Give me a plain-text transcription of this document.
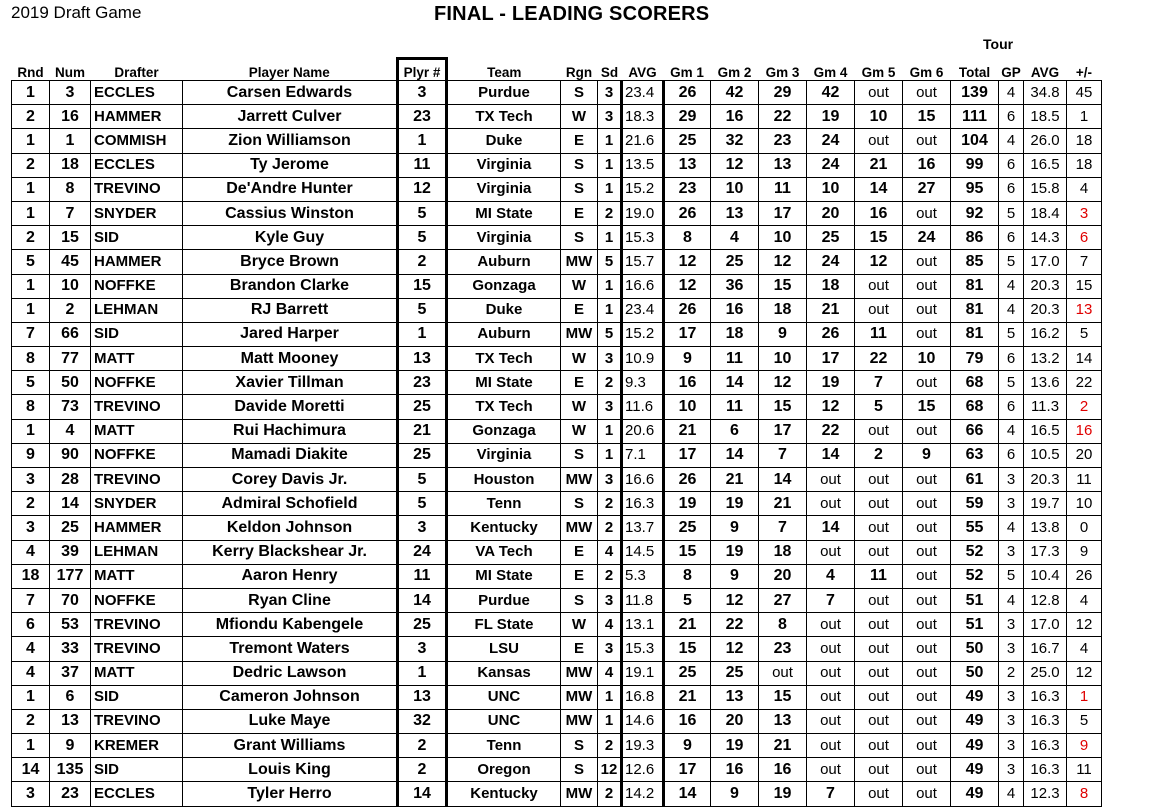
2019 Draft Game	FINAL - LEADING SCORERS
Tour
Rnd	Num	Drafter	Player Name	Plyr #	Team	Rgn	Sd	AVG	Gm 1	Gm 2	Gm 3	Gm 4	Gm 5	Gm 6	Total	GP	AVG	+/-
1	3	ECCLES	Carsen Edwards	3	Purdue	S	3	23.4	26	42	29	42	out	out	139	4	34.8	45
2	16	HAMMER	Jarrett Culver	23	TX Tech	W	3	18.3	29	16	22	19	10	15	111	6	18.5	1
1	1	COMMISH	Zion Williamson	1	Duke	E	1	21.6	25	32	23	24	out	out	104	4	26.0	18
2	18	ECCLES	Ty Jerome	11	Virginia	S	1	13.5	13	12	13	24	21	16	99	6	16.5	18
1	8	TREVINO	De'Andre Hunter	12	Virginia	S	1	15.2	23	10	11	10	14	27	95	6	15.8	4
1	7	SNYDER	Cassius Winston	5	MI State	E	2	19.0	26	13	17	20	16	out	92	5	18.4	3
2	15	SID	Kyle Guy	5	Virginia	S	1	15.3	8	4	10	25	15	24	86	6	14.3	6
5	45	HAMMER	Bryce Brown	2	Auburn	MW	5	15.7	12	25	12	24	12	out	85	5	17.0	7
1	10	NOFFKE	Brandon Clarke	15	Gonzaga	W	1	16.6	12	36	15	18	out	out	81	4	20.3	15
1	2	LEHMAN	RJ Barrett	5	Duke	E	1	23.4	26	16	18	21	out	out	81	4	20.3	13
7	66	SID	Jared Harper	1	Auburn	MW	5	15.2	17	18	9	26	11	out	81	5	16.2	5
8	77	MATT	Matt Mooney	13	TX Tech	W	3	10.9	9	11	10	17	22	10	79	6	13.2	14
5	50	NOFFKE	Xavier Tillman	23	MI State	E	2	9.3	16	14	12	19	7	out	68	5	13.6	22
8	73	TREVINO	Davide Moretti	25	TX Tech	W	3	11.6	10	11	15	12	5	15	68	6	11.3	2
1	4	MATT	Rui Hachimura	21	Gonzaga	W	1	20.6	21	6	17	22	out	out	66	4	16.5	16
9	90	NOFFKE	Mamadi Diakite	25	Virginia	S	1	7.1	17	14	7	14	2	9	63	6	10.5	20
3	28	TREVINO	Corey Davis Jr.	5	Houston	MW	3	16.6	26	21	14	out	out	out	61	3	20.3	11
2	14	SNYDER	Admiral Schofield	5	Tenn	S	2	16.3	19	19	21	out	out	out	59	3	19.7	10
3	25	HAMMER	Keldon Johnson	3	Kentucky	MW	2	13.7	25	9	7	14	out	out	55	4	13.8	0
4	39	LEHMAN	Kerry Blackshear Jr.	24	VA Tech	E	4	14.5	15	19	18	out	out	out	52	3	17.3	9
18	177	MATT	Aaron Henry	11	MI State	E	2	5.3	8	9	20	4	11	out	52	5	10.4	26
7	70	NOFFKE	Ryan Cline	14	Purdue	S	3	11.8	5	12	27	7	out	out	51	4	12.8	4
6	53	TREVINO	Mfiondu Kabengele	25	FL State	W	4	13.1	21	22	8	out	out	out	51	3	17.0	12
4	33	TREVINO	Tremont Waters	3	LSU	E	3	15.3	15	12	23	out	out	out	50	3	16.7	4
4	37	MATT	Dedric Lawson	1	Kansas	MW	4	19.1	25	25	out	out	out	out	50	2	25.0	12
1	6	SID	Cameron Johnson	13	UNC	MW	1	16.8	21	13	15	out	out	out	49	3	16.3	1
2	13	TREVINO	Luke Maye	32	UNC	MW	1	14.6	16	20	13	out	out	out	49	3	16.3	5
1	9	KREMER	Grant Williams	2	Tenn	S	2	19.3	9	19	21	out	out	out	49	3	16.3	9
14	135	SID	Louis King	2	Oregon	S	12	12.6	17	16	16	out	out	out	49	3	16.3	11
3	23	ECCLES	Tyler Herro	14	Kentucky	MW	2	14.2	14	9	19	7	out	out	49	4	12.3	8
